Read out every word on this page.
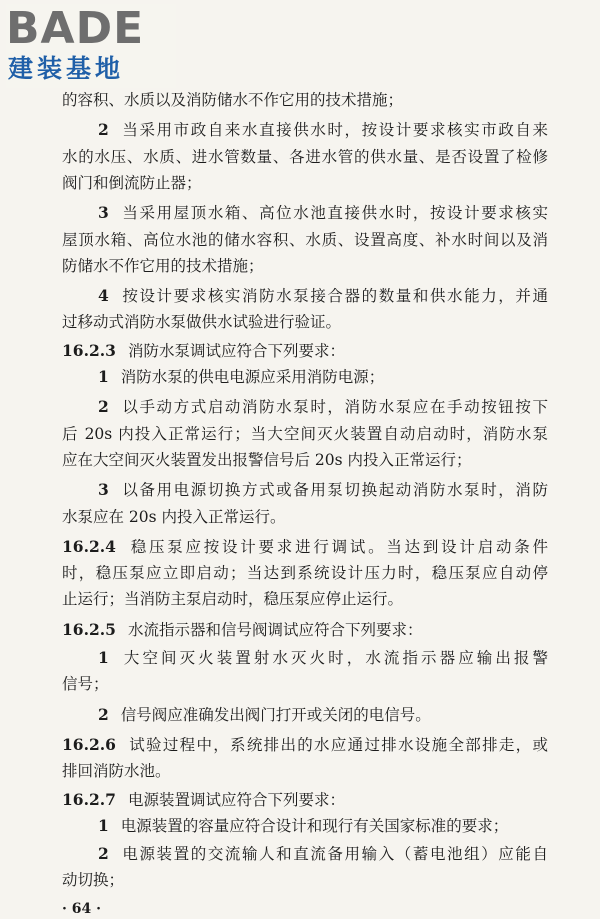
的容积、水质以及消防储水不作它用的技术措施；
2 当采用市政自来水直接供水时，按设计要求核实市政自来
水的水压、水质、进水管数量、各进水管的供水量、是否设置了检修
阀门和倒流防止器；
3 当采用屋顶水箱、高位水池直接供水时，按设计要求核实
屋顶水箱、高位水池的储水容积、水质、设置高度、补水时间以及消
防储水不作它用的技术措施；
4 按设计要求核实消防水泵接合器的数量和供水能力，并通
过移动式消防水泵做供水试验进行验证。
16.2.3 消防水泵调试应符合下列要求：
1 消防水泵的供电电源应采用消防电源；
2 以手动方式启动消防水泵时，消防水泵应在手动按钮按下
后 20s 内投入正常运行；当大空间灭火装置自动启动时，消防水泵
应在大空间灭火装置发出报警信号后 20s 内投入正常运行；
3 以备用电源切换方式或备用泵切换起动消防水泵时，消防
水泵应在 20s 内投入正常运行。
16.2.4 稳压泵应按设计要求进行调试。当达到设计启动条件
时，稳压泵应立即启动；当达到系统设计压力时，稳压泵应自动停
止运行；当消防主泵启动时，稳压泵应停止运行。
16.2.5 水流指示器和信号阀调试应符合下列要求：
1 大空间灭火装置射水灭火时，水流指示器应输出报警
信号；
2 信号阀应准确发出阀门打开或关闭的电信号。
16.2.6 试验过程中，系统排出的水应通过排水设施全部排走，或
排回消防水池。
16.2.7 电源装置调试应符合下列要求：
1 电源装置的容量应符合设计和现行有关国家标准的要求；
2 电源装置的交流输人和直流备用输入（蓄电池组）应能自
动切换；
BADE
建装基地
· 64 ·
